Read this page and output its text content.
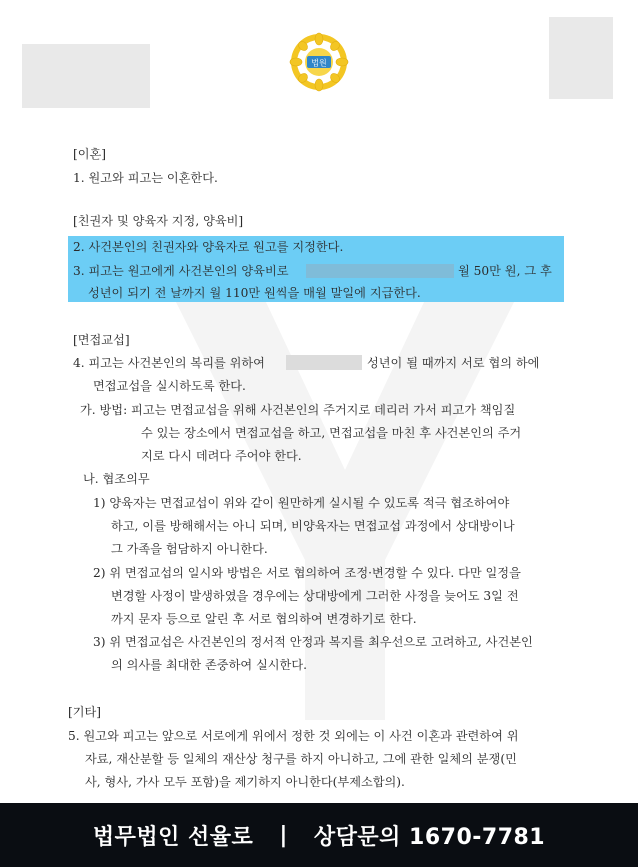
법원
[이혼]
1. 원고와 피고는 이혼한다.
[친권자 및 양육자 지정, 양육비]
2. 사건본인의 친권자와 양육자로 원고를 지정한다.
3. 피고는 원고에게 사건본인의 양육비로	월 50만 원, 그 후
성년이 되기 전 날까지 월 110만 원씩을 매월 말일에 지급한다.
[면접교섭]
4. 피고는 사건본인의 복리를 위하여	성년이 될 때까지 서로 협의 하에
면접교섭을 실시하도록 한다.
가. 방법: 피고는 면접교섭을 위해 사건본인의 주거지로 데리러 가서 피고가 책임질
수 있는 장소에서 면접교섭을 하고, 면접교섭을 마친 후 사건본인의 주거
지로 다시 데려다 주어야 한다.
나. 협조의무
1) 양육자는 면접교섭이 위와 같이 원만하게 실시될 수 있도록 적극 협조하여야
하고, 이를 방해해서는 아니 되며, 비양육자는 면접교섭 과정에서 상대방이나
그 가족을 험담하지 아니한다.
2) 위 면접교섭의 일시와 방법은 서로 협의하여 조정·변경할 수 있다. 다만 일정을
변경할 사정이 발생하였을 경우에는 상대방에게 그러한 사정을 늦어도 3일 전
까지 문자 등으로 알린 후 서로 협의하여 변경하기로 한다.
3) 위 면접교섭은 사건본인의 정서적 안정과 복지를 최우선으로 고려하고, 사건본인
의 의사를 최대한 존중하여 실시한다.
[기타]
5. 원고와 피고는 앞으로 서로에게 위에서 정한 것 외에는 이 사건 이혼과 관련하여 위
자료, 재산분할 등 일체의 재산상 청구를 하지 아니하고, 그에 관한 일체의 분쟁(민
사, 형사, 가사 모두 포함)을 제기하지 아니한다(부제소합의).
법무법인 선율로 | 상담문의 1670-7781
